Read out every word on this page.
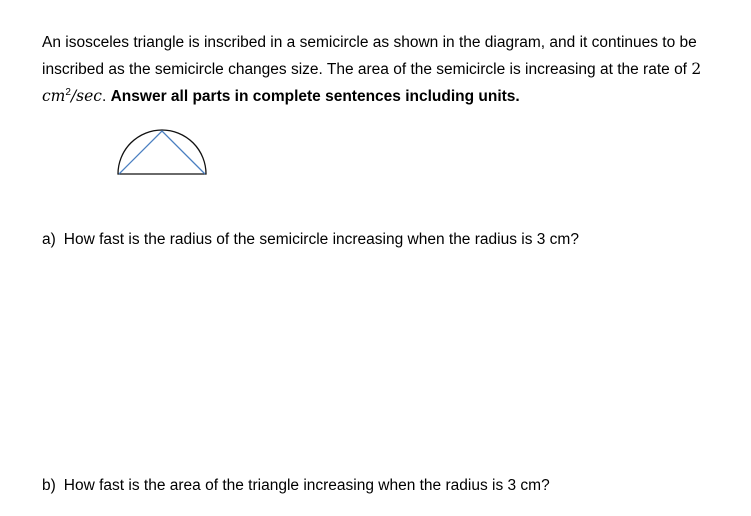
An isosceles triangle is inscribed in a semicircle as shown in the diagram, and it continues to be inscribed as the semicircle changes size. The area of the semicircle is increasing at the rate of 2 $cm^2/\sec$. Answer all parts in complete sentences including units.
a) How fast is the radius of the semicircle increasing when the radius is 3 cm?
b) How fast is the area of the triangle increasing when the radius is 3 cm?
